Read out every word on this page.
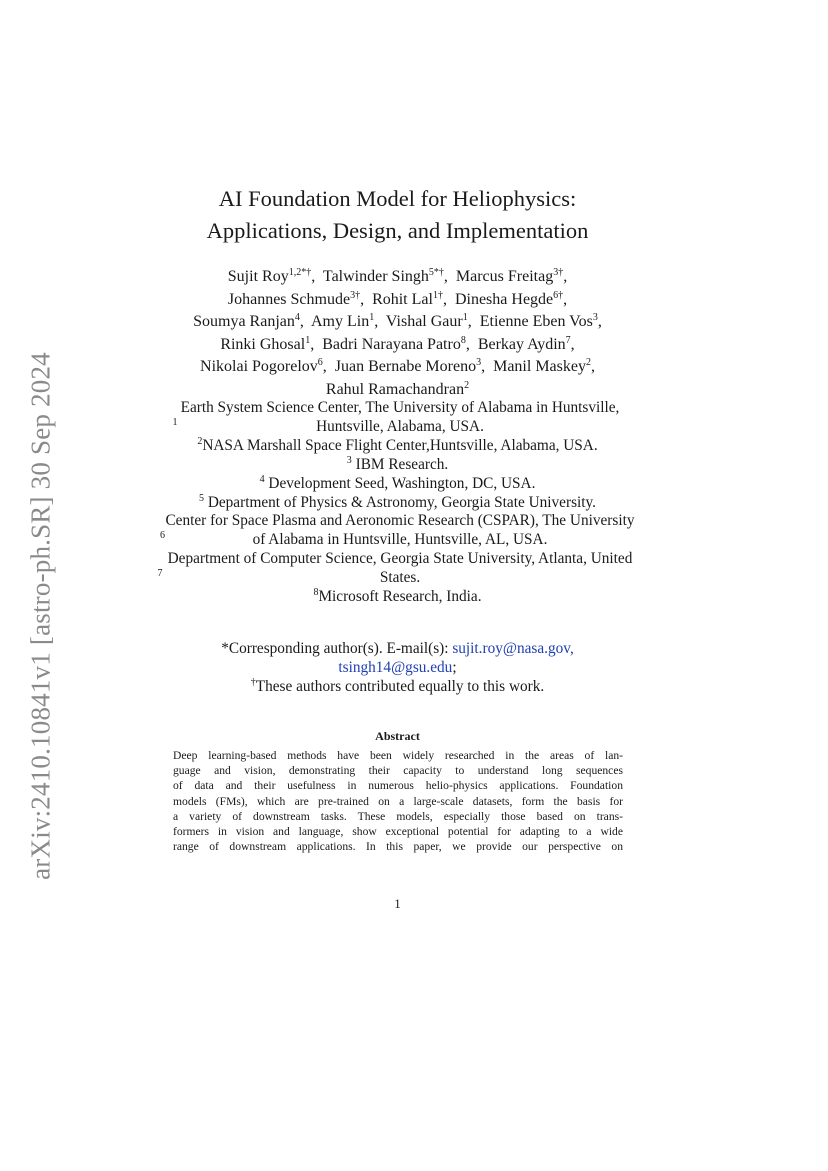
arXiv:2410.10841v1 [astro-ph.SR] 30 Sep 2024
AI Foundation Model for Heliophysics:
Applications, Design, and Implementation
Sujit Roy$^{1,2*\dagger}$, Talwinder Singh$^{5*\dagger}$, Marcus Freitag$^{3\dagger}$,
Johannes Schmude$^{3\dagger}$, Rohit Lal$^{1\dagger}$, Dinesha Hegde$^{6\dagger}$,
Soumya Ranjan$^4$, Amy Lin$^1$, Vishal Gaur$^1$, Etienne Eben Vos$^3$,
Rinki Ghosal$^1$, Badri Narayana Patro$^8$, Berkay Aydin$^7$,
Nikolai Pogorelov$^6$, Juan Bernabe Moreno$^3$, Manil Maskey$^2$,
Rahul Ramachandran$^2$
$^1$Earth System Science Center, The University of Alabama in Huntsville, Huntsville, Alabama, USA.
$^2$NASA Marshall Space Flight Center,Huntsville, Alabama, USA.
$^3$ IBM Research.
$^4$ Development Seed, Washington, DC, USA.
$^5$ Department of Physics & Astronomy, Georgia State University.
$^6$Center for Space Plasma and Aeronomic Research (CSPAR), The University of Alabama in Huntsville, Huntsville, AL, USA.
$^7$Department of Computer Science, Georgia State University, Atlanta, United States.
$^8$Microsoft Research, India.
*Corresponding author(s). E-mail(s): sujit.roy@nasa.gov,
tsingh14@gsu.edu;
†These authors contributed equally to this work.
Abstract

Deep learning-based methods have been widely researched in the areas of lan-
guage and vision, demonstrating their capacity to understand long sequences
of data and their usefulness in numerous helio-physics applications. Foundation
models (FMs), which are pre-trained on a large-scale datasets, form the basis for
a variety of downstream tasks. These models, especially those based on trans-
formers in vision and language, show exceptional potential for adapting to a wide
range of downstream applications. In this paper, we provide our perspective on

1
